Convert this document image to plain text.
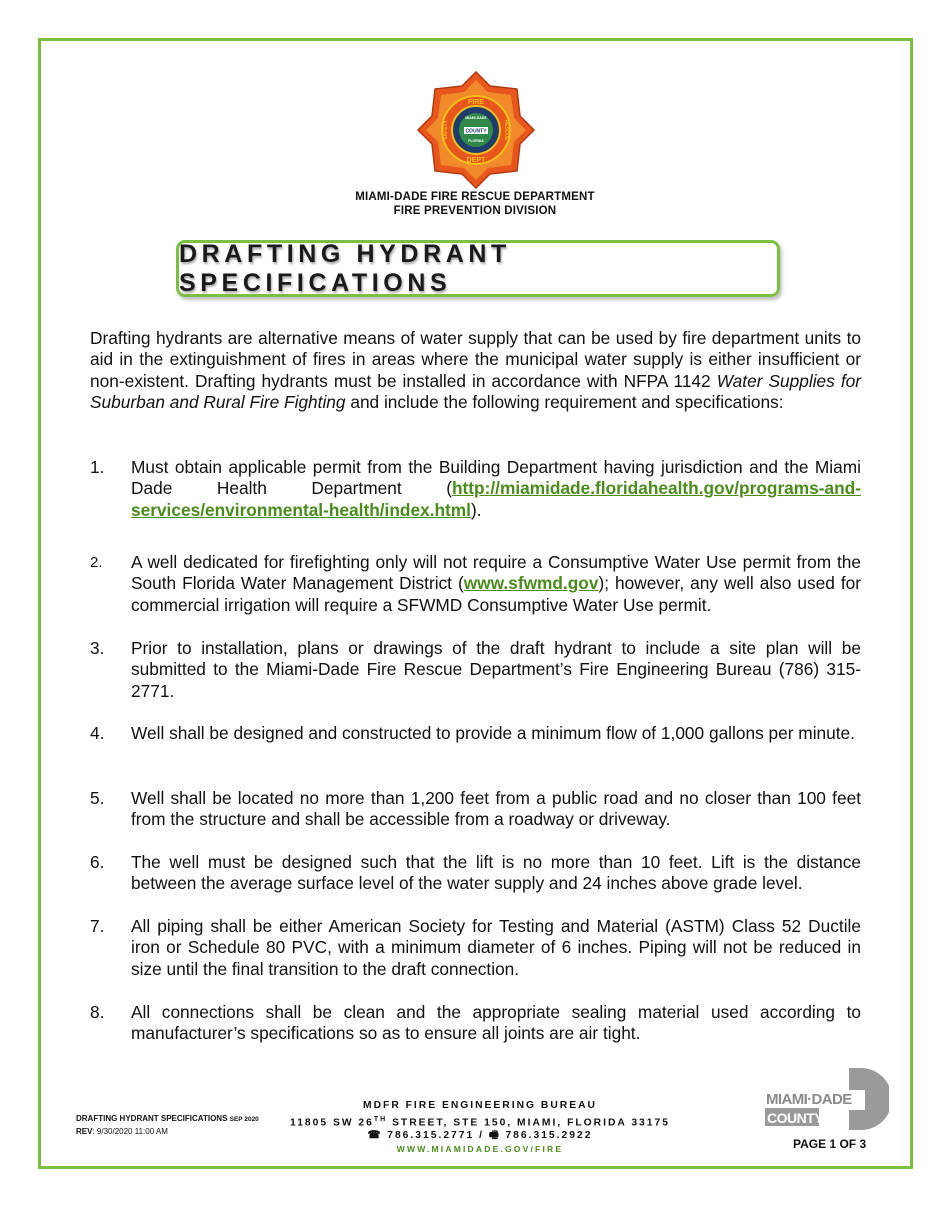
FIRE
DEPT
SAFETY	RESCUE
MIAMI-DADE
COUNTY
FLORIDA
MIAMI-DADE FIRE RESCUE DEPARTMENT
FIRE PREVENTION DIVISION
DRAFTING HYDRANT SPECIFICATIONS

Drafting hydrants are alternative means of water supply that can be used by fire department units to aid in the extinguishment of fires in areas where the municipal water supply is either insufficient or non-existent. Drafting hydrants must be installed in accordance with NFPA 1142 Water Supplies for Suburban and Rural Fire Fighting and include the following requirement and specifications:

1.	Must obtain applicable permit from the Building Department having jurisdiction and the Miami Dade Health Department (http://miamidade.floridahealth.gov/programs-and-services/environmental-health/index.html).
2.	A well dedicated for firefighting only will not require a Consumptive Water Use permit from the South Florida Water Management District (www.sfwmd.gov); however, any well also used for commercial irrigation will require a SFWMD Consumptive Water Use permit.
3.	Prior to installation, plans or drawings of the draft hydrant to include a site plan will be submitted to the Miami-Dade Fire Rescue Department’s Fire Engineering Bureau (786) 315-2771.
4.	Well shall be designed and constructed to provide a minimum flow of 1,000 gallons per minute.
5.	Well shall be located no more than 1,200 feet from a public road and no closer than 100 feet from the structure and shall be accessible from a roadway or driveway.
6.	The well must be designed such that the lift is no more than 10 feet. Lift is the distance between the average surface level of the water supply and 24 inches above grade level.
7.	All piping shall be either American Society for Testing and Material (ASTM) Class 52 Ductile iron or Schedule 80 PVC, with a minimum diameter of 6 inches. Piping will not be reduced in size until the final transition to the draft connection.
8.	All connections shall be clean and the appropriate sealing material used according to manufacturer’s specifications so as to ensure all joints are air tight.
DRAFTING HYDRANT SPECIFICATIONS SEP 2020
REV: 9/30/2020 11:00 AM
MDFR FIRE ENGINEERING BUREAU
11805 SW 26TH STREET, STE 150, MIAMI, FLORIDA 33175
☎ 786.315.2771 / 🖷 786.315.2922
WWW.MIAMIDADE.GOV/FIRE
MIAMI·DADE
COUNTY
PAGE 1 OF 3
